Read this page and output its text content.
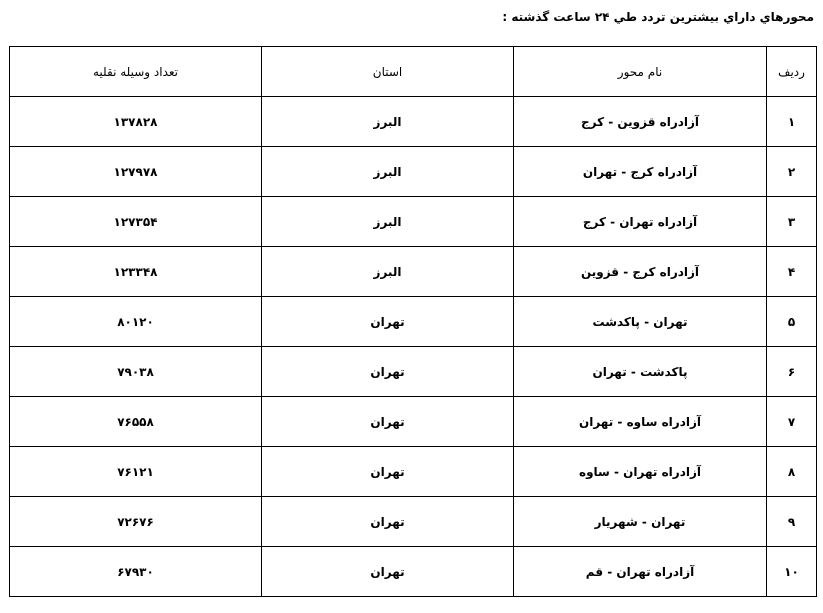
محورهاي داراي بيشترين تردد طي ۲۴ ساعت گذشته :
رديف	نام محور	استان	تعداد وسيله نقليه
۱	آزادراه قزوين - كرج	البرز	۱۳۷۸۲۸
۲	آزادراه كرج - تهران	البرز	۱۲۷۹۷۸
۳	آزادراه تهران - كرج	البرز	۱۲۷۳۵۴
۴	آزادراه كرج - قزوين	البرز	۱۲۳۳۴۸
۵	تهران - پاكدشت	تهران	۸۰۱۲۰
۶	پاكدشت - تهران	تهران	۷۹۰۳۸
۷	آزادراه ساوه - تهران	تهران	۷۶۵۵۸
۸	آزادراه تهران - ساوه	تهران	۷۶۱۲۱
۹	تهران - شهريار	تهران	۷۲۶۷۶
۱۰	آزادراه تهران - قم	تهران	۶۷۹۳۰
